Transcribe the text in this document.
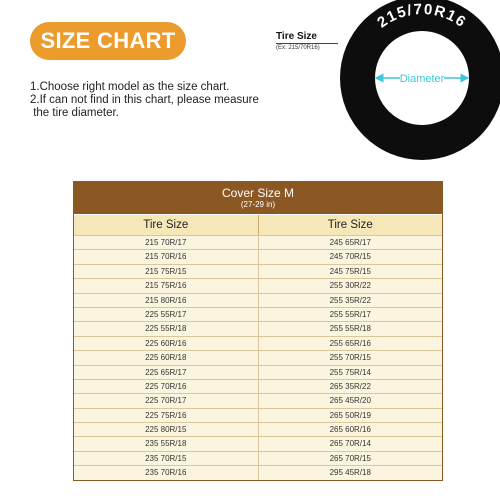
SIZE CHART
1.Choose right model as the size chart.
2.If can not find in this chart, please measure
the tire diameter.
Tire Size
(Ex: 215/70R16)
215/70R16
Diameter
Cover Size M
(27-29 in)
Tire Size	Tire Size
215 70R/17	245 65R/17
215 70R/16	245 70R/15
215 75R/15	245 75R/15
215 75R/16	255 30R/22
215 80R/16	255 35R/22
225 55R/17	255 55R/17
225 55R/18	255 55R/18
225 60R/16	255 65R/16
225 60R/18	255 70R/15
225 65R/17	255 75R/14
225 70R/16	265 35R/22
225 70R/17	265 45R/20
225 75R/16	265 50R/19
225 80R/15	265 60R/16
235 55R/18	265 70R/14
235 70R/15	265 70R/15
235 70R/16	295 45R/18
